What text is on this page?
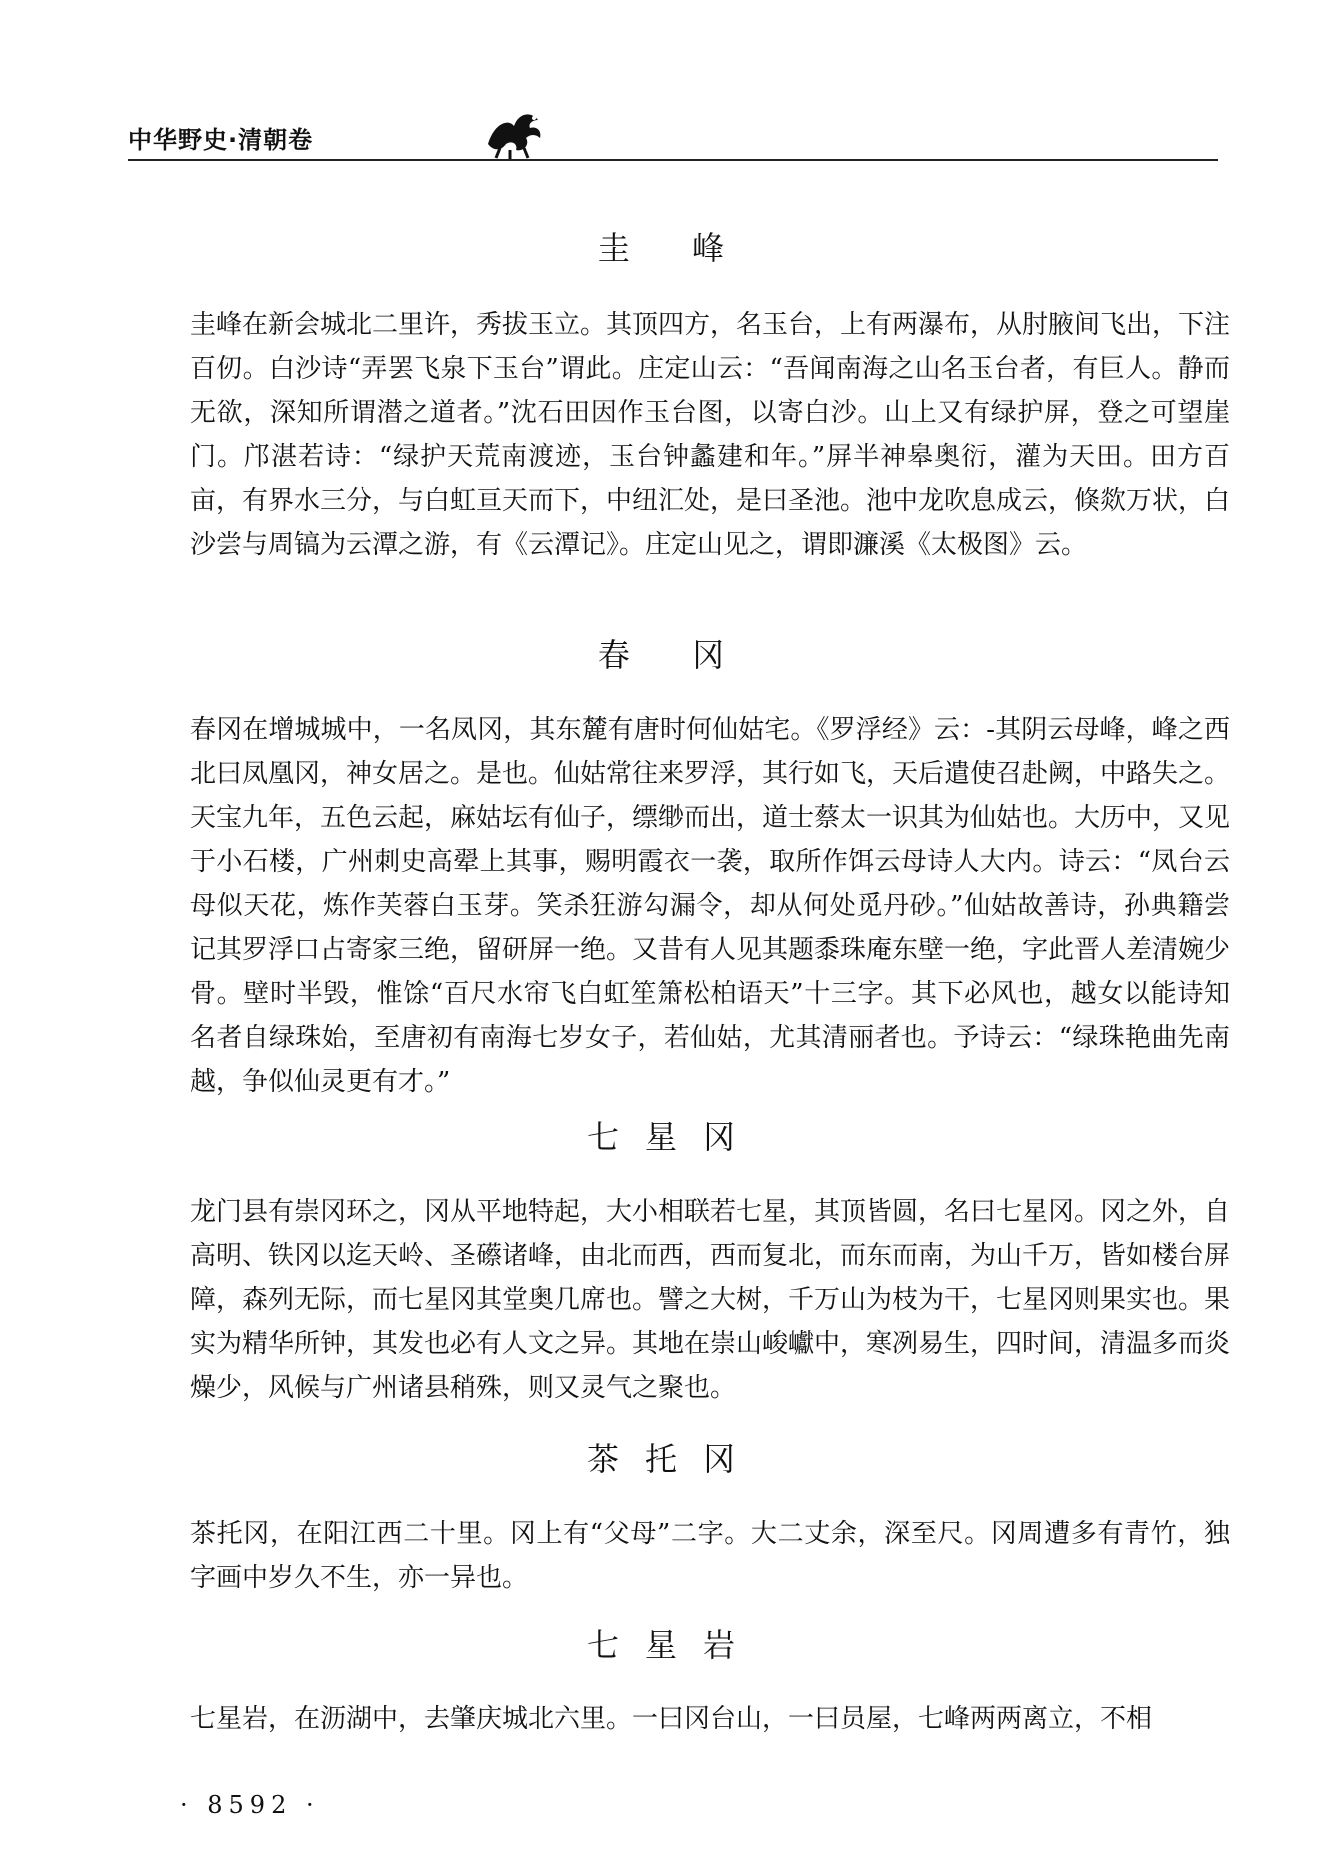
中华野史·清朝卷
圭 峰
圭峰在新会城北二里许，秀拔玉立。其顶四方，名玉台，上有两瀑布，从肘腋间飞出，下注百仞。白沙诗“弄罢飞泉下玉台”谓此。庄定山云：“吾闻南海之山名玉台者，有巨人。静而无欲，深知所谓潜之道者。”沈石田因作玉台图，以寄白沙。山上又有绿护屏，登之可望崖门。邝湛若诗：“绿护天荒南渡迹，玉台钟蠡建和年。”屏半神皋奥衍，灌为天田。田方百亩，有界水三分，与白虹亘天而下，中纽汇处，是曰圣池。池中龙吹息成云，倏欻万状，白沙尝与周镐为云潭之游，有《云潭记》。庄定山见之，谓即濂溪《太极图》云。
春 冈
春冈在增城城中，一名凤冈，其东麓有唐时何仙姑宅。《罗浮经》云：-其阴云母峰，峰之西北曰凤凰冈，神女居之。是也。仙姑常往来罗浮，其行如飞，天后遣使召赴阙，中路失之。天宝九年，五色云起，麻姑坛有仙子，缥缈而出，道士蔡太一识其为仙姑也。大历中，又见于小石楼，广州刺史高翚上其事，赐明霞衣一袭，取所作饵云母诗人大内。诗云：“凤台云母似天花，炼作芙蓉白玉芽。笑杀狂游勾漏令，却从何处觅丹砂。”仙姑故善诗，孙典籍尝记其罗浮口占寄家三绝，留研屏一绝。又昔有人见其题黍珠庵东壁一绝，字此晋人差清婉少骨。壁时半毁，惟馀“百尺水帘飞白虹笙箫松柏语天”十三字。其下必风也，越女以能诗知名者自绿珠始，至唐初有南海七岁女子，若仙姑，尤其清丽者也。予诗云：“绿珠艳曲先南越，争似仙灵更有才。”
七星冈
龙门县有崇冈环之，冈从平地特起，大小相联若七星，其顶皆圆，名曰七星冈。冈之外，自高明、铁冈以迄天岭、圣礤诸峰，由北而西，西而复北，而东而南，为山千万，皆如楼台屏障，森列无际，而七星冈其堂奥几席也。譬之大树，千万山为枝为干，七星冈则果实也。果实为精华所钟，其发也必有人文之异。其地在崇山峻巘中，寒冽易生，四时间，清温多而炎燥少，风候与广州诸县稍殊，则又灵气之聚也。
茶托冈
茶托冈，在阳江西二十里。冈上有“父母”二字。大二丈余，深至尺。冈周遭多有青竹，独字画中岁久不生，亦一异也。
七星岩
七星岩，在沥湖中，去肇庆城北六里。一曰冈台山，一曰员屋，七峰两两离立，不相
· 8592 ·
